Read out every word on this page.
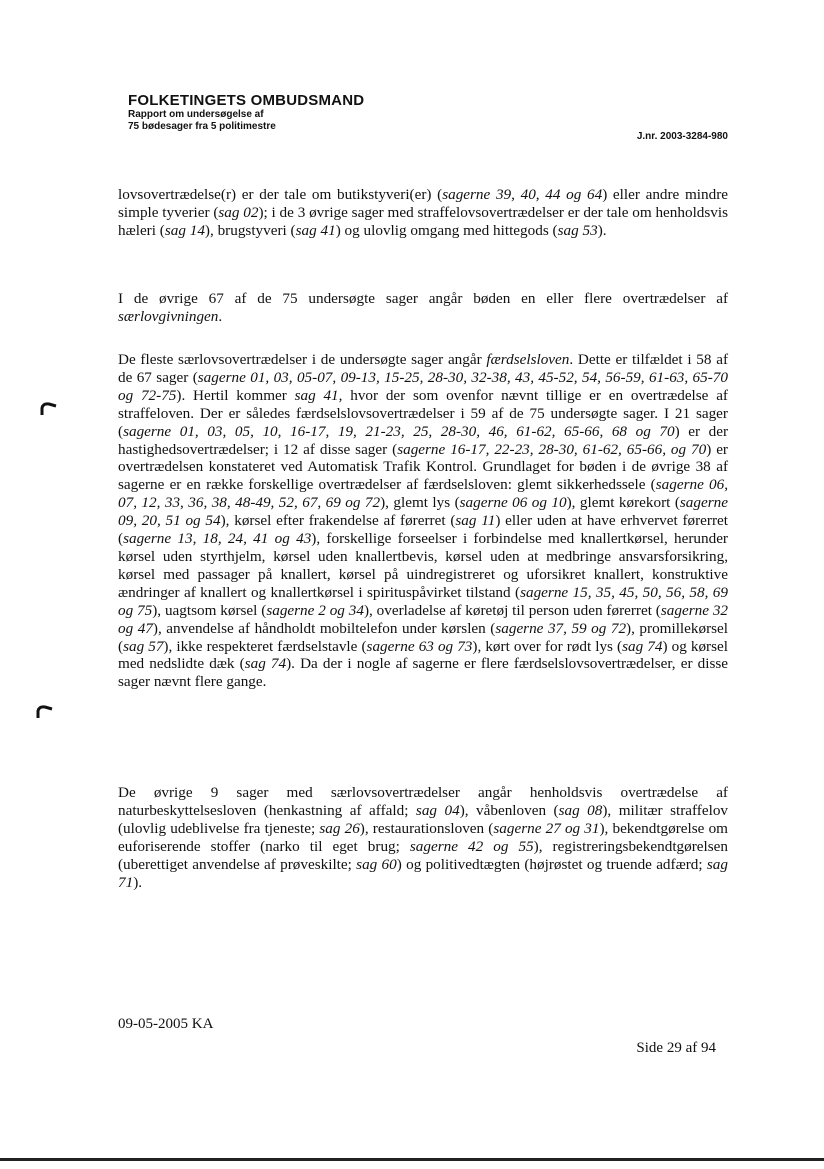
FOLKETINGETS OMBUDSMAND
Rapport om undersøgelse af
75 bødesager fra 5 politimestre
J.nr. 2003-3284-980

lovsovertrædelse(r) er der tale om butikstyveri(er) (sagerne 39, 40, 44 og 64) eller andre mindre simple tyverier (sag 02); i de 3 øvrige sager med straffelovsovertrædelser er der tale om henholdsvis hæleri (sag 14), brugstyveri (sag 41) og ulovlig omgang med hittegods (sag 53).

I de øvrige 67 af de 75 undersøgte sager angår bøden en eller flere overtrædelser af særlovgivningen.

De fleste særlovsovertrædelser i de undersøgte sager angår færdselsloven. Dette er tilfældet i 58 af de 67 sager (sagerne 01, 03, 05-07, 09-13, 15-25, 28-30, 32-38, 43, 45-52, 54, 56-59, 61-63, 65-70 og 72-75). Hertil kommer sag 41, hvor der som ovenfor nævnt tillige er en overtrædelse af straffeloven. Der er således færdselslovsovertrædelser i 59 af de 75 undersøgte sager. I 21 sager (sagerne 01, 03, 05, 10, 16-17, 19, 21-23, 25, 28-30, 46, 61-62, 65-66, 68 og 70) er der hastighedsovertrædelser; i 12 af disse sager (sagerne 16-17, 22-23, 28-30, 61-62, 65-66, og 70) er overtrædelsen konstateret ved Automatisk Trafik Kontrol. Grundlaget for bøden i de øvrige 38 af sagerne er en række forskellige overtrædelser af færdselsloven: glemt sikkerhedssele (sagerne 06, 07, 12, 33, 36, 38, 48-49, 52, 67, 69 og 72), glemt lys (sagerne 06 og 10), glemt kørekort (sagerne 09, 20, 51 og 54), kørsel efter frakendelse af førerret (sag 11) eller uden at have erhvervet førerret (sagerne 13, 18, 24, 41 og 43), forskellige forseelser i forbindelse med knallertkørsel, herunder kørsel uden styrthjelm, kørsel uden knallertbevis, kørsel uden at medbringe ansvarsforsikring, kørsel med passager på knallert, kørsel på uindregistreret og uforsikret knallert, konstruktive ændringer af knallert og knallertkørsel i spirituspåvirket tilstand (sagerne 15, 35, 45, 50, 56, 58, 69 og 75), uagtsom kørsel (sagerne 2 og 34), overladelse af køretøj til person uden førerret (sagerne 32 og 47), anvendelse af håndholdt mobiltelefon under kørslen (sagerne 37, 59 og 72), promillekørsel (sag 57), ikke respekteret færdselstavle (sagerne 63 og 73), kørt over for rødt lys (sag 74) og kørsel med nedslidte dæk (sag 74). Da der i nogle af sagerne er flere færdselslovsovertrædelser, er disse sager nævnt flere gange.

De øvrige 9 sager med særlovsovertrædelser angår henholdsvis overtrædelse af naturbeskyttelsesloven (henkastning af affald; sag 04), våbenloven (sag 08), militær straffelov (ulovlig udeblivelse fra tjeneste; sag 26), restaurationsloven (sagerne 27 og 31), bekendtgørelse om euforiserende stoffer (narko til eget brug; sagerne 42 og 55), registreringsbekendtgørelsen (uberettiget anvendelse af prøveskilte; sag 60) og politivedtægten (højrøstet og truende adfærd; sag 71).

09-05-2005 KA
Side 29 af 94
